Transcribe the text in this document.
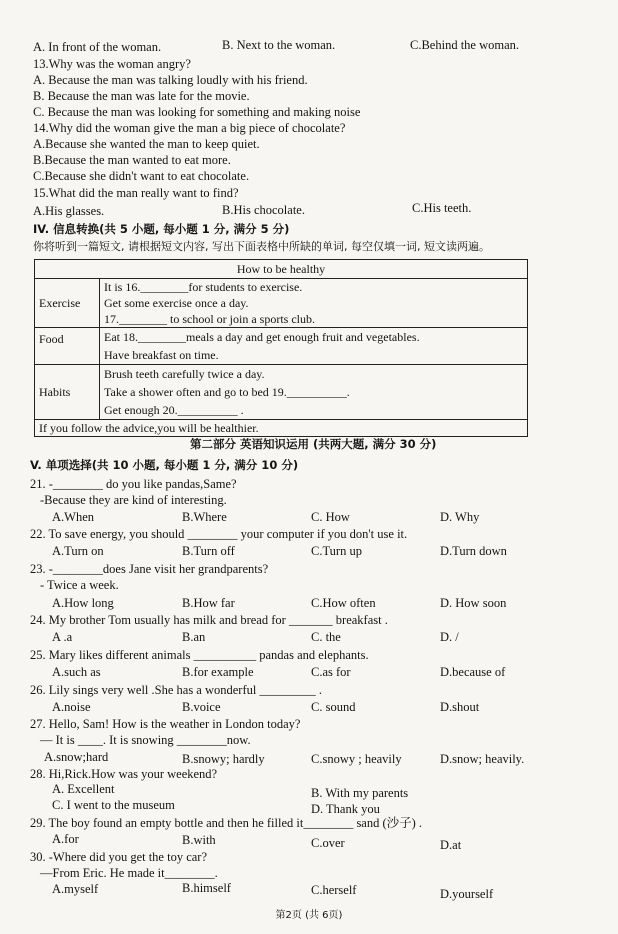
A. In front of the woman.	B. Next to the woman.	C.Behind the woman.
13.Why was the woman angry?
A. Because the man was talking loudly with his friend.
B. Because the man was late for the movie.
C. Because the man was looking for something and making noise
14.Why did the woman give the man a big piece of chocolate?
A.Because she wanted the man to keep quiet.
B.Because the man wanted to eat more.
C.Because she didn't want to eat chocolate.
15.What did the man really want to find?
A.His glasses.	B.His chocolate.	C.His teeth.
IV. 信息转换(共 5 小题, 每小题 1 分, 满分 5 分)
你将听到一篇短文, 请根据短文内容, 写出下面表格中所缺的单词, 每空仅填一词, 短文读两遍。
How to be healthy	
Exercise	It is 16.________for students to exercise.
Get some exercise once a day.
17.________ to school or join a sports club.

Food	Eat 18.________meals a day and get enough fruit and vegetables.
Have breakfast on time.

Habits	Brush teeth carefully twice a day.
Take a shower often and go to bed 19.__________.
Get enough 20.__________ .

If you follow the advice,you will be healthier.	
第二部分 英语知识运用 (共两大题, 满分 30 分)
V. 单项选择(共 10 小题, 每小题 1 分, 满分 10 分)
21. -________ do you like pandas,Same?
-Because they are kind of interesting.
A.When	B.Where	C. How	D. Why
22. To save energy, you should ________ your computer if you don't use it.
A.Turn on	B.Turn off	C.Turn up	D.Turn down
23. -________does Jane visit her grandparents?
- Twice a week.
A.How long	B.How far	C.How often	D. How soon
24. My brother Tom usually has milk and bread for _______ breakfast .
A .a	B.an	C. the	D. /
25. Mary likes different animals __________ pandas and elephants.
A.such as	B.for example	C.as for	D.because of
26. Lily sings very well .She has a wonderful _________ .
A.noise	B.voice	C. sound	D.shout
27. Hello, Sam! How is the weather in London today?
— It is ____. It is snowing ________now.
A.snow;hard	B.snowy; hardly	C.snowy ; heavily	D.snow; heavily.
28. Hi,Rick.How was your weekend?
A. Excellent	B. With my parents
C. I went to the museum	D. Thank you
29. The boy found an empty bottle and then he filled it________ sand (沙子) .
A.for	B.with	C.over	D.at
30. -Where did you get the toy car?
—From Eric. He made it________.
A.myself	B.himself	C.herself	D.yourself
第2页 (共 6页)
